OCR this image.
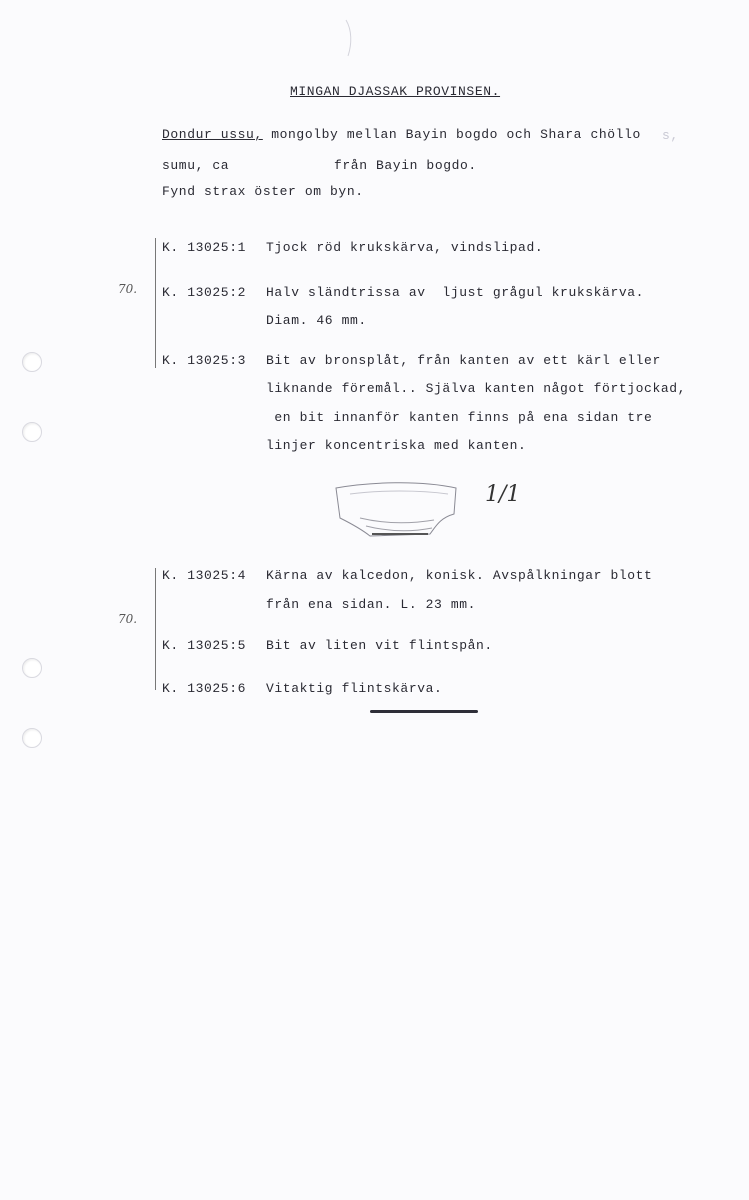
MINGAN DJASSAK PROVINSEN.
Dondur ussu, mongolby mellan Bayin bogdo och Shara chöllo s,
sumu, ca	från Bayin bogdo.
Fynd strax öster om byn.
70.
K. 13025:1 Tjock röd krukskärva, vindslipad.
K. 13025:2 Halv sländtrissa av  ljust grågul krukskärva.
Diam. 46 mm.
K. 13025:3 Bit av bronsplåt, från kanten av ett kärl eller
liknande föremål.. Själva kanten något förtjockad,
en bit innanför kanten finns på ena sidan tre
linjer koncentriska med kanten.
1/1
70.
K. 13025:4 Kärna av kalcedon, konisk. Avspålkningar blott
från ena sidan. L. 23 mm.
K. 13025:5 Bit av liten vit flintspån.
K. 13025:6 Vitaktig flintskärva.
